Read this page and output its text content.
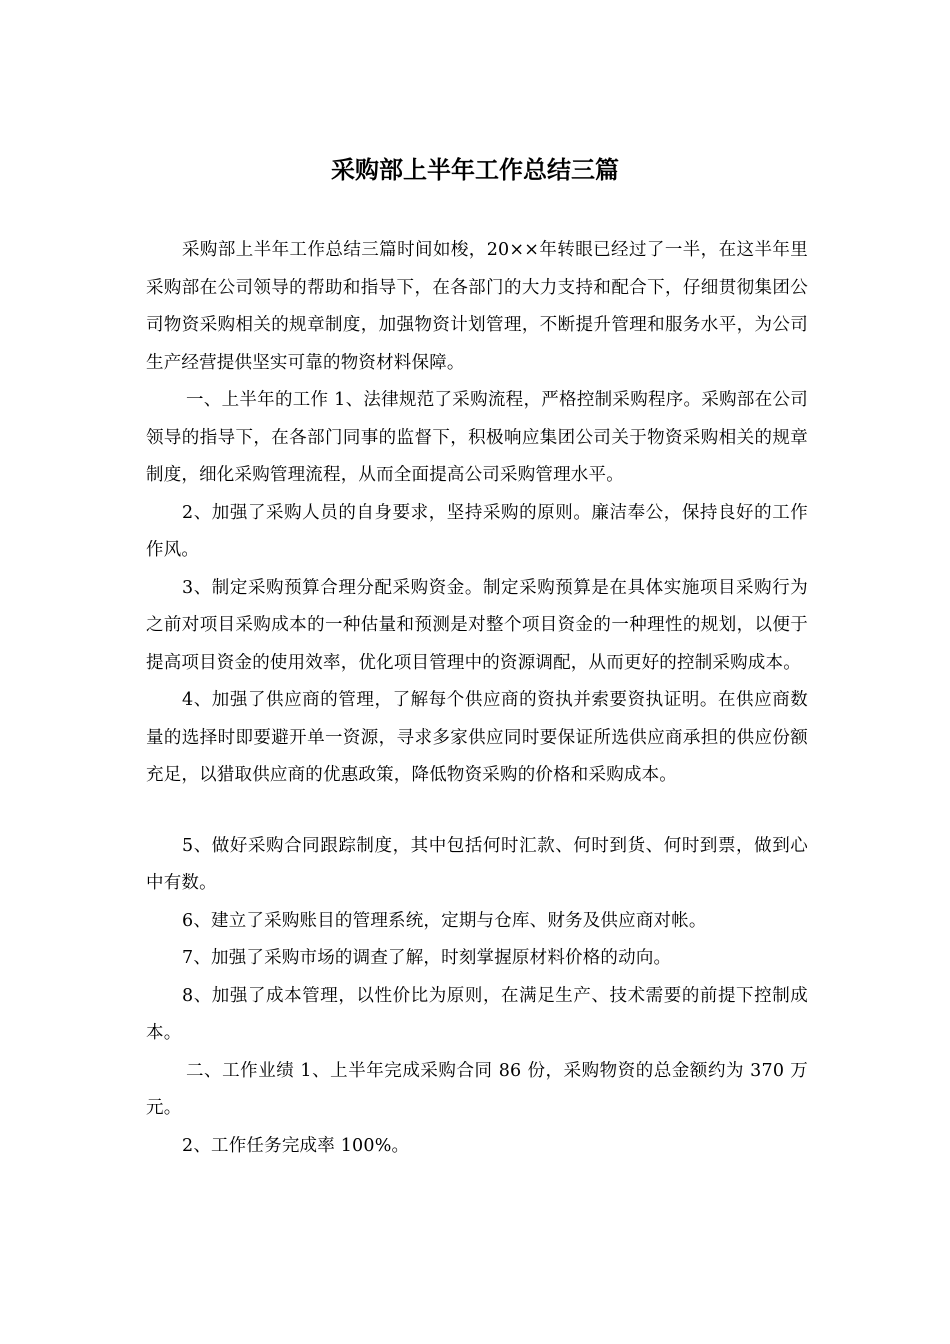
采购部上半年工作总结三篇

采购部上半年工作总结三篇时间如梭，20××年转眼已经过了一半，在这半年里采购部在公司领导的帮助和指导下，在各部门的大力支持和配合下，仔细贯彻集团公司物资采购相关的规章制度，加强物资计划管理，不断提升管理和服务水平，为公司生产经营提供坚实可靠的物资材料保障。

一、上半年的工作 1、法律规范了采购流程，严格控制采购程序。采购部在公司领导的指导下，在各部门同事的监督下，积极响应集团公司关于物资采购相关的规章制度，细化采购管理流程，从而全面提高公司采购管理水平。

2、加强了采购人员的自身要求，坚持采购的原则。廉洁奉公，保持良好的工作作风。

3、制定采购预算合理分配采购资金。制定采购预算是在具体实施项目采购行为之前对项目采购成本的一种估量和预测是对整个项目资金的一种理性的规划，以便于提高项目资金的使用效率，优化项目管理中的资源调配，从而更好的控制采购成本。

4、加强了供应商的管理，了解每个供应商的资执并索要资执证明。在供应商数量的选择时即要避开单一资源，寻求多家供应同时要保证所选供应商承担的供应份额充足，以猎取供应商的优惠政策，降低物资采购的价格和采购成本。

5、做好采购合同跟踪制度，其中包括何时汇款、何时到货、何时到票，做到心中有数。

6、建立了采购账目的管理系统，定期与仓库、财务及供应商对帐。

7、加强了采购市场的调查了解，时刻掌握原材料价格的动向。

8、加强了成本管理，以性价比为原则，在满足生产、技术需要的前提下控制成本。

二、工作业绩 1、上半年完成采购合同 86 份，采购物资的总金额约为 370 万元。

2、工作任务完成率 100%。
